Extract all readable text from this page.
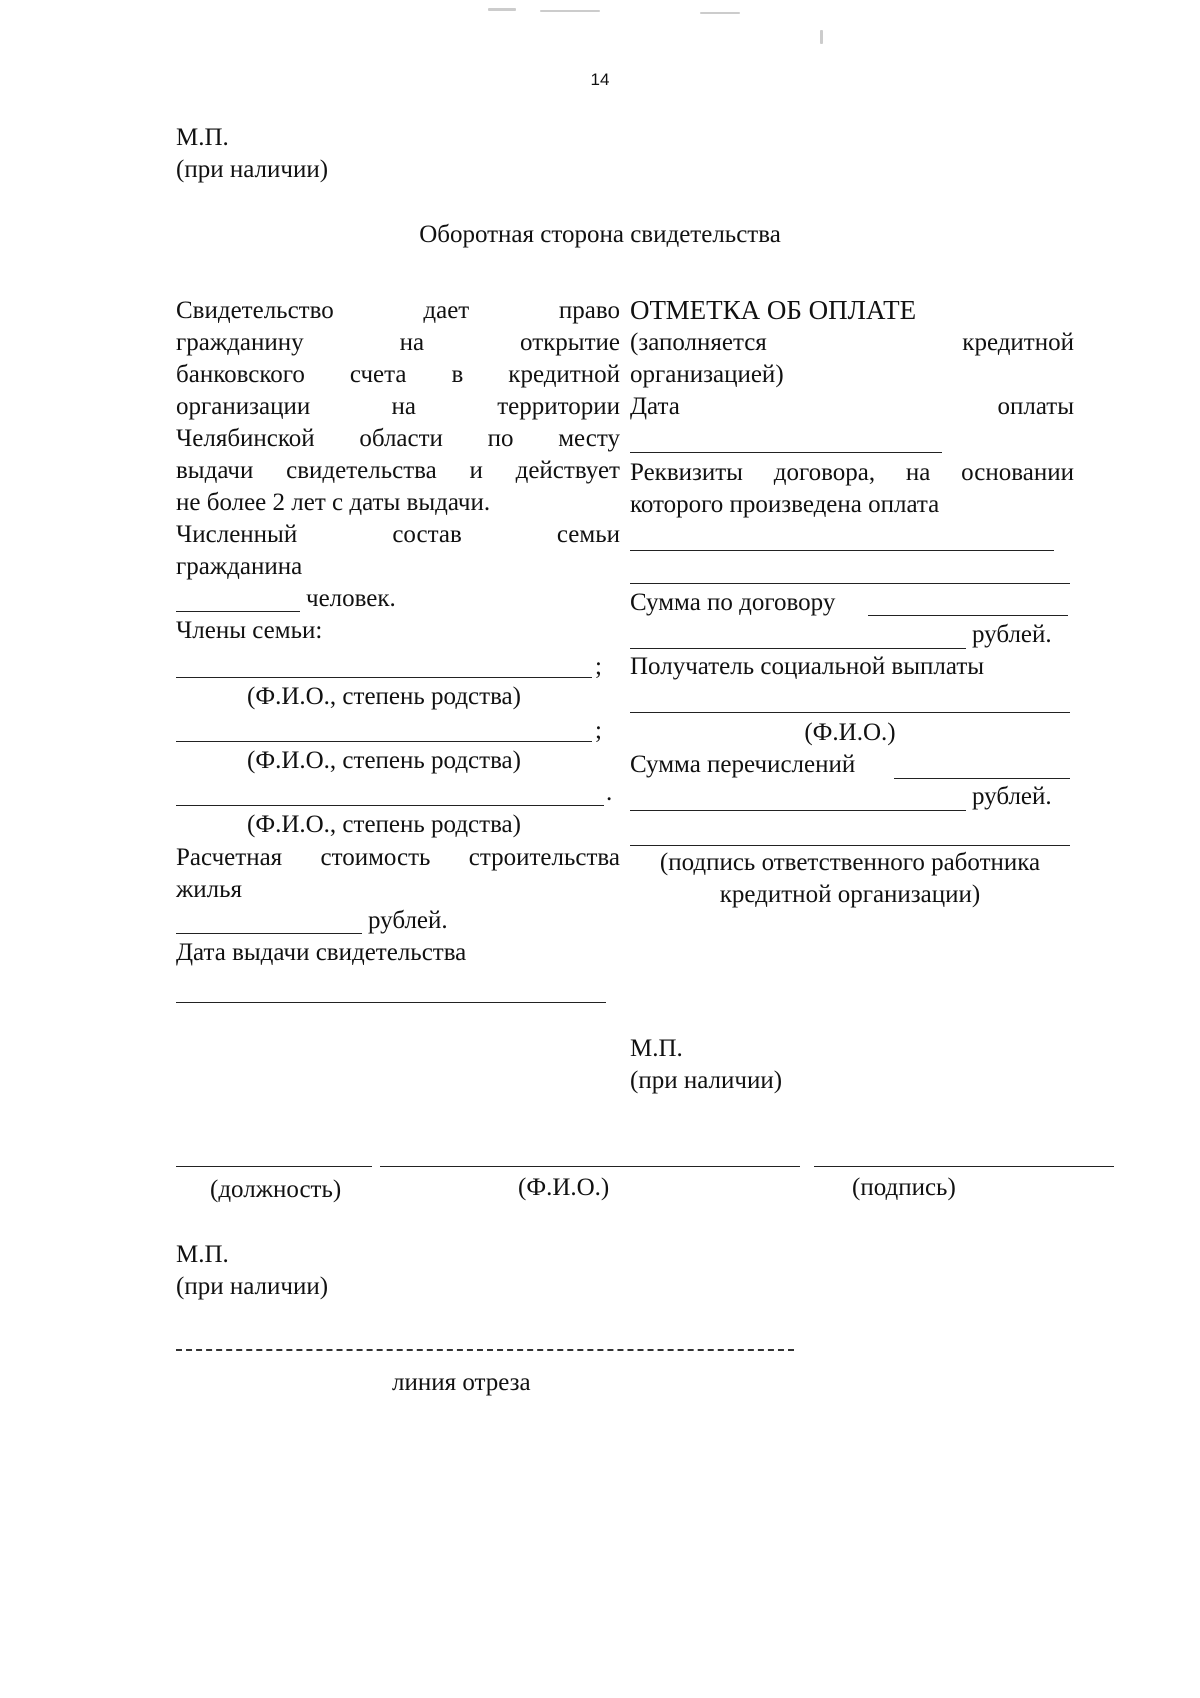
14
М.П.
(при наличии)
Оборотная сторона свидетельства
Свидетельство	дает	право
гражданину	на	открытие
банковского счета в кредитной
организации	на	территории
Челябинской области по месту
выдачи свидетельства и действует
не более 2 лет с даты выдачи.
Численный	состав	семьи
гражданина
человек.
Члены семьи:
;
(Ф.И.О., степень родства)
;
(Ф.И.О., степень родства)
.
(Ф.И.О., степень родства)
Расчетная стоимость строительства
жилья
рублей.
Дата выдачи свидетельства
ОТМЕТКА ОБ ОПЛАТЕ
(заполняется	кредитной
организацией)
Дата	оплаты
Реквизиты договора, на основании
которого произведена оплата
Сумма по договору
рублей.
Получатель социальной выплаты
(Ф.И.О.)
Сумма перечислений
рублей.
(подпись ответственного работника
кредитной организации)
М.П.
(при наличии)
(должность)	(Ф.И.О.)	(подпись)
М.П.
(при наличии)
линия отреза
